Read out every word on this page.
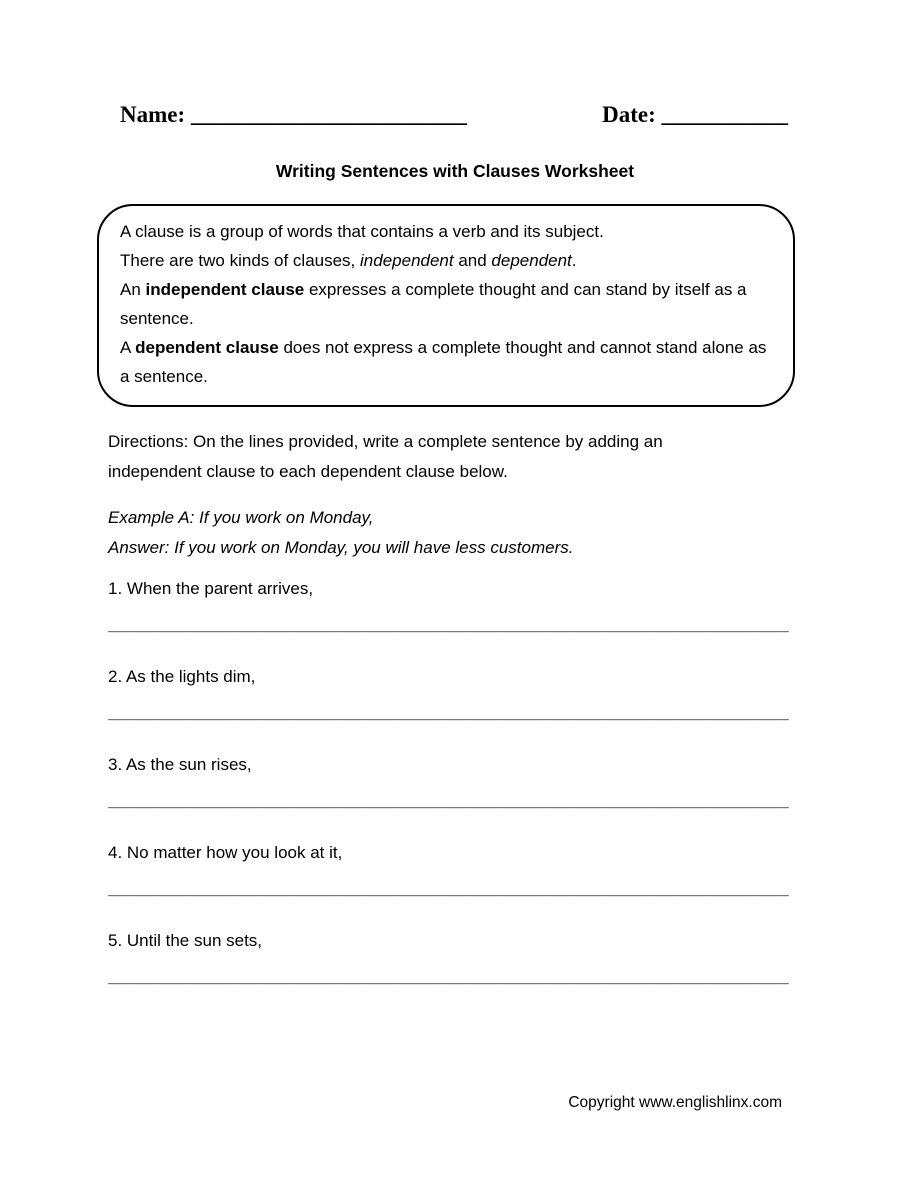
Name: ________________________	Date: ___________
Writing Sentences with Clauses Worksheet
A clause is a group of words that contains a verb and its subject.
There are two kinds of clauses, independent and dependent.
An independent clause expresses a complete thought and can stand by itself as a sentence.
A dependent clause does not express a complete thought and cannot stand alone as a sentence.
Directions: On the lines provided, write a complete sentence by adding an
independent clause to each dependent clause below.
Example A: If you work on Monday,
Answer: If you work on Monday, you will have less customers.
1. When the parent arrives,
________________________________________________________________________
2. As the lights dim,
________________________________________________________________________
3. As the sun rises,
________________________________________________________________________
4. No matter how you look at it,
________________________________________________________________________
5. Until the sun sets,
________________________________________________________________________
Copyright www.englishlinx.com
